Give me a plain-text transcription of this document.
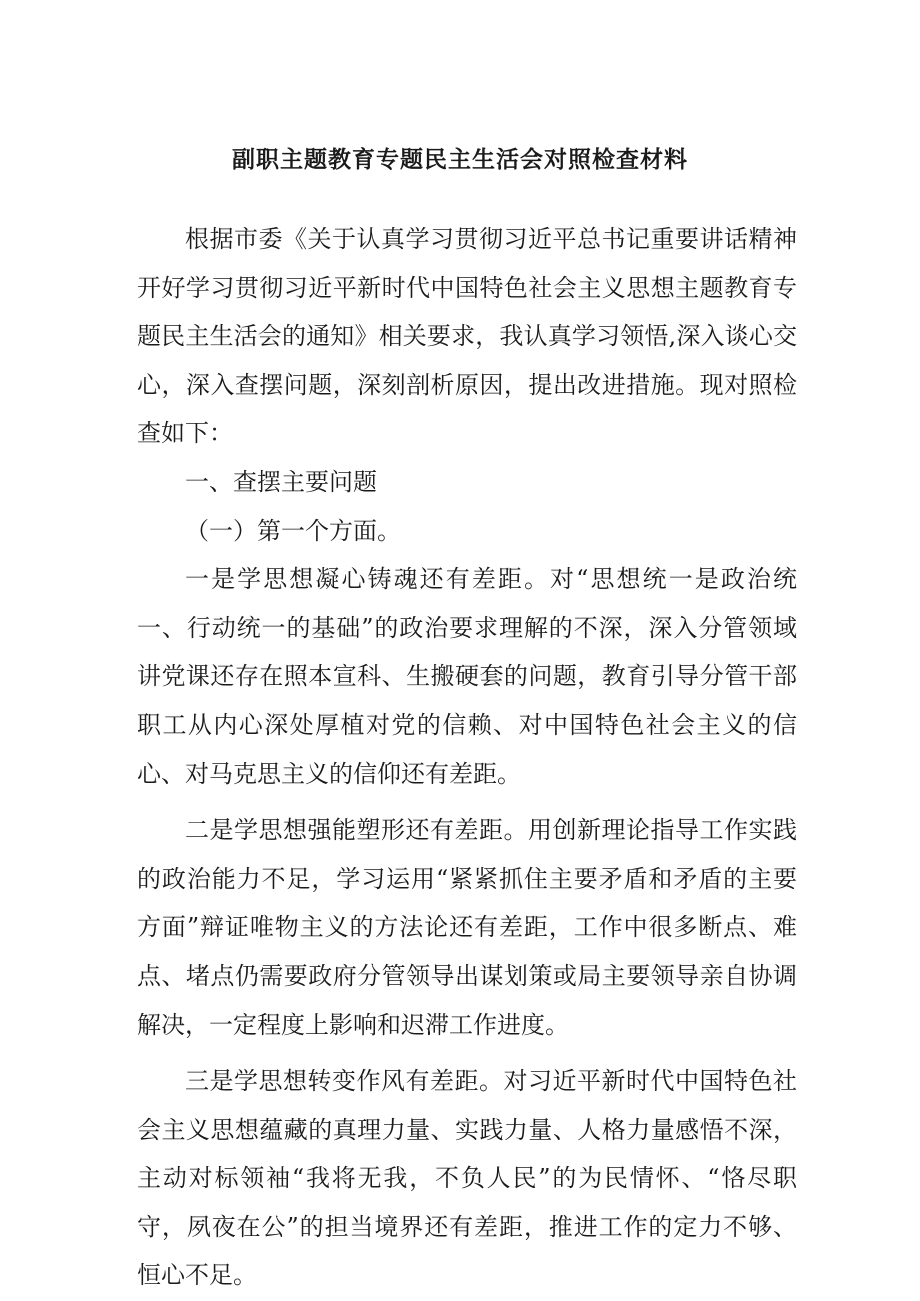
副职主题教育专题民主生活会对照检查材料

根据市委《关于认真学习贯彻习近平总书记重要讲话精神开好学习贯彻习近平新时代中国特色社会主义思想主题教育专题民主生活会的通知》相关要求，我认真学习领悟,深入谈心交心，深入查摆问题，深刻剖析原因，提出改进措施。现对照检查如下：

一、查摆主要问题

（一）第一个方面。

一是学思想凝心铸魂还有差距。对“思想统一是政治统一、行动统一的基础”的政治要求理解的不深，深入分管领域讲党课还存在照本宣科、生搬硬套的问题，教育引导分管干部职工从内心深处厚植对党的信赖、对中国特色社会主义的信心、对马克思主义的信仰还有差距。

二是学思想强能塑形还有差距。用创新理论指导工作实践的政治能力不足，学习运用“紧紧抓住主要矛盾和矛盾的主要方面”辩证唯物主义的方法论还有差距，工作中很多断点、难点、堵点仍需要政府分管领导出谋划策或局主要领导亲自协调解决，一定程度上影响和迟滞工作进度。

三是学思想转变作风有差距。对习近平新时代中国特色社会主义思想蕴藏的真理力量、实践力量、人格力量感悟不深，主动对标领袖“我将无我，不负人民”的为民情怀、“恪尽职守，夙夜在公”的担当境界还有差距，推进工作的定力不够、恒心不足。
